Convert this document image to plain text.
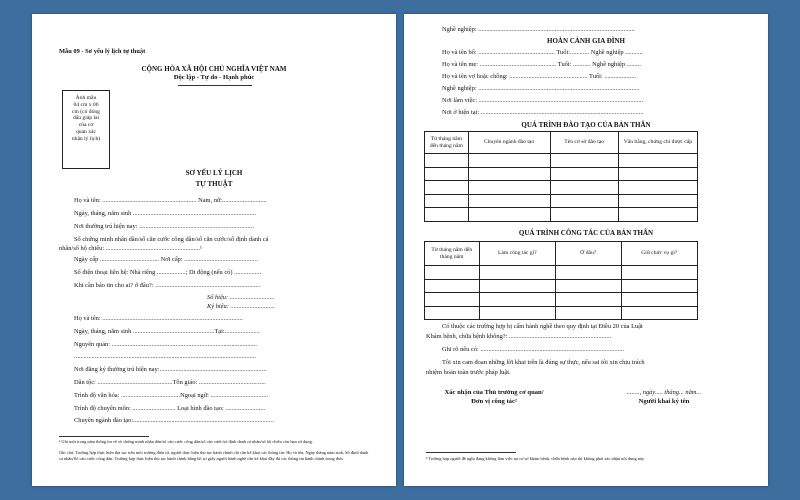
Mẫu 09 - Sơ yếu lý lịch tự thuật
CỘNG HÒA XÃ HỘI CHỦ NGHĨA VIỆT NAM
Độc lập - Tự do - Hạnh phúc
Ảnh mầu
04 cm x 06
cm (có đóng
dấu giáp lai
của cơ
quan xác
nhận lý lịch)
SƠ YẾU LÝ LỊCH
TỰ THUẬT
Họ và tên: ........................................................... Nam, nữ:............................
Ngày, tháng, năm sinh .............................................................................
Nơi thường trú hiện nay: ........................................................................
Số chứng minh nhân dân/số căn cước công dân/số căn cước/số định danh cá
nhân/số hộ chiếu: ...........................................................¹
Ngày cấp ..................................... Nơi cấp: ..............................................
Số điện thoại liên hệ: Nhà riêng ..................; Di động (nếu có) .................
Khi cần báo tin cho ai? ở đâu?: ..................................................................
Số hiệu: ............................
Ký hiệu: ............................
Họ và tên: ........................................................................................
Ngày, tháng, năm sinh ...................................................Tại:......................
Nguyên quán: ...........................................................................................
..................................................................................................................
Nơi đăng ký thường trú hiện nay:...................................................................
Dân tộc: ...............................................Tôn giáo: ..........................................
Trình độ văn hóa: .....................................Ngoại ngữ: ....................................
Trình độ chuyên môn: ........................... Loại hình đào tạo: .........................
Chuyên ngành đào tạo:........................................................................................
¹ Ghi một trong năm thông tin về số chứng minh nhân dân/số căn cước công dân/số căn cước/số định danh cá nhân/số hộ chiếu còn hạn sử dụng.
Ghi chú: Trường hợp thực hiện thủ tục trên môi trường điện tử, người thực hiện thủ tục hành chính chỉ cần kê khai các thông tin: Họ và tên, Ngày tháng năm sinh, Số định danh cá nhân/Số căn cước công dân. Trường hợp thực hiện thủ tục hành chính bằng hồ sơ giấy người hành nghề cần kê khai đầy đủ các thông tin hành chính trong đơn.
Nghề nghiệp: ..................................................................................................
HOÀN CẢNH GIA ĐÌNH
Họ và tên bố: ................................................ Tuổi:............ Nghề nghiệp ...........
Họ và tên mẹ: ................................................ Tuổi: ........... Nghề nghiệp .........
Họ và tên vợ hoặc chồng: ................................................. Tuổi: ....................
Nghề nghiệp: .....................................................................................................
Nơi làm việc: .......................................................................................................
Nơi ở hiện tại: ......................................................................................................
QUÁ TRÌNH ĐÀO TẠO CỦA BẢN THÂN
Từ tháng năm đến tháng năm	Chuyên ngành đào tạo	Tên cơ sở đào tạo	Văn bằng, chứng chỉ được cấp

QUÁ TRÌNH CÔNG TÁC CỦA BẢN THÂN
Từ tháng năm đến tháng năm	Làm công tác gì?	Ở đâu?	Giữ chức vụ gì?

Có thuộc các trường hợp bị cấm hành nghề theo quy định tại Điều 20 của Luật
Khám bệnh, chữa bệnh không?: ................................................................
Ghi rõ nếu có: ..........................................................................................
Tôi xin cam đoan những lời khai trên là đúng sự thực, nếu sai tôi xin chịu trách
nhiệm hoàn toàn trước pháp luật.
Xác nhận của Thủ trưởng cơ quan/
Đơn vị công tác²
........, ngày..... tháng... năm...
Người khai ký tên
² Trường hợp người đề nghị đang không làm việc tại cơ sở khám bệnh, chữa bệnh nào thì không phải xác nhận nội dung này.
